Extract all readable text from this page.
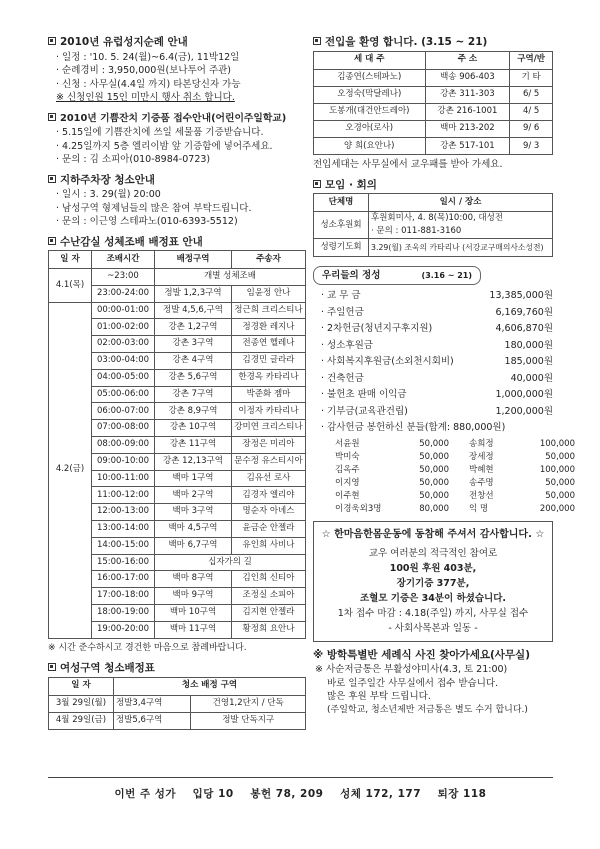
2010년 유럽성지순례 안내
· 일정 : '10. 5. 24(월)~6.4(금), 11박12일
· 순례경비 : 3,950,000원(보나투어 주관)
· 신청 : 사무실(4.4일 까지) 타본당신자 가능
※ 신청인원 15인 미만시 행사 취소 합니다.
2010년 기쁨잔치 기증품 접수안내(어린이주일학교)
· 5.15일에 기쁨잔치에 쓰일 세물품 기증받습니다.
· 4.25일까지 5층 엘리이밤 앞 기증함에 넣어주세요.
· 문의 : 김 소피아(010-8984-0723)
지하주차장 청소안내
· 일시 : 3. 29(월) 20:00
· 남성구역 형제님들의 많은 참여 부탁드립니다.
· 문의 : 이근영 스테파노(010-6393-5512)
수난감실 성체조배 배정표 안내
일 자	조배시간	배정구역	주송자
4.1(목)	~23:00	개별 성체조배	
	23:00-24:00	정발 1,2,3구역	임윤정 안나
4.2(금)	00:00-01:00	정발 4,5,6,구역	정근희 크리스티나
	01:00-02:00	강촌 1,2구역	정경환 레지나
	02:00-03:00	강촌 3구역	전종연 헬레나
	03:00-04:00	강촌 4구역	김경민 글라라
	04:00-05:00	강촌 5,6구역	한경옥 카타리나
	05:00-06:00	강촌 7구역	박준화 젬마
	06:00-07:00	강촌 8,9구역	이정자 카타리나
	07:00-08:00	강촌 10구역	강미연 크리스티나
	08:00-09:00	강촌 11구역	장정은 미리아
	09:00-10:00	강촌 12,13구역	문수정 유스티시아
	10:00-11:00	백마 1구역	김유선 로사
	11:00-12:00	백마 2구역	김경자 엘리야
	12:00-13:00	백마 3구역	명순자 아녜스
	13:00-14:00	백마 4,5구역	윤금순 안젤라
	14:00-15:00	백마 6,7구역	유인희 사비나
	15:00-16:00	십자가의 길	
	16:00-17:00	백마 8구역	김인희 신티아
	17:00-18:00	백마 9구역	조정실 소피아
	18:00-19:00	백마 10구역	김지현 안젤라
	19:00-20:00	백마 11구역	황정희 요안나
※ 시간 준수하시고 경건한 마음으로 참례바랍니다.
여성구역 청소배정표
일 자	청소 배정 구역	
3월 29일(월)	정발3,4구역	건영1,2단지 / 단독
4월 29일(금)	정발5,6구역	정발 단독지구
전입을 환영 합니다. (3.15 ~ 21)
세 대 주	주 소	구역/반
김종연(스테파노)	백송 906-403	기 타
오정숙(막달레나)	강촌 311-303	6/ 5
도봉개(대건안드레아)	강촌 216-1001	4/ 5
오경아(로사)	백마 213-202	9/ 6
양 희(요안나)	강촌 517-101	9/ 3
전입세대는 사무실에서 교우패를 받아 가세요.
모임 · 회의
단체명	일시 / 장소
성소후원회	후원회미사, 4. 8(목)10:00, 대성전
· 문의 : 011-881-3160

성령기도회	3.29(월) 조욱의 카타리나 (서강교구매의사소성전)
우리들의 정성	(3.16 ~ 21)
· 교 무 금	13,385,000원
· 주일헌금	6,169,760원
· 2차헌금(청년지구후지원)	4,606,870원
· 성소후원금	180,000원
· 사회복지후원금(소외천시회비)	185,000원
· 건축헌금	40,000원
· 불헌초 판매 이익금	1,000,000원
· 기부금(교육관건립)	1,200,000원
· 감사헌금 봉헌하신 분들(합계: 880,000원)
서윤원	50,000	송희정	100,000
박미숙	50,000	장세정	50,000
김옥주	50,000	박혜현	100,000
이지영	50,000	송주명	50,000
이주현	50,000	전창선	50,000
이경욱외3명	80,000	익 명	200,000
☆ 한마음한몸운동에 동참해 주셔서 감사합니다. ☆
교우 여러분의 적극적인 참여로
100원 후원 403분,
장기기증 377분,
조혈모 기증은 34분이 하셨습니다.
1차 접수 마감 : 4.18(주일) 까지, 사무실 접수
- 사회사목본과 일동 -
※ 방학특별반 세례식 사진 찾아가세요(사무실)
※ 사순저금통은 부활성야미사(4.3, 토 21:00)
바로 일주일간 사무실에서 접수 받습니다.
많은 후원 부탁 드립니다.
(주일학교, 청소년제반 저금통은 별도 수거 합니다.)
이번 주 성가    입당 10    봉헌 78, 209    성체 172, 177    퇴장 118
